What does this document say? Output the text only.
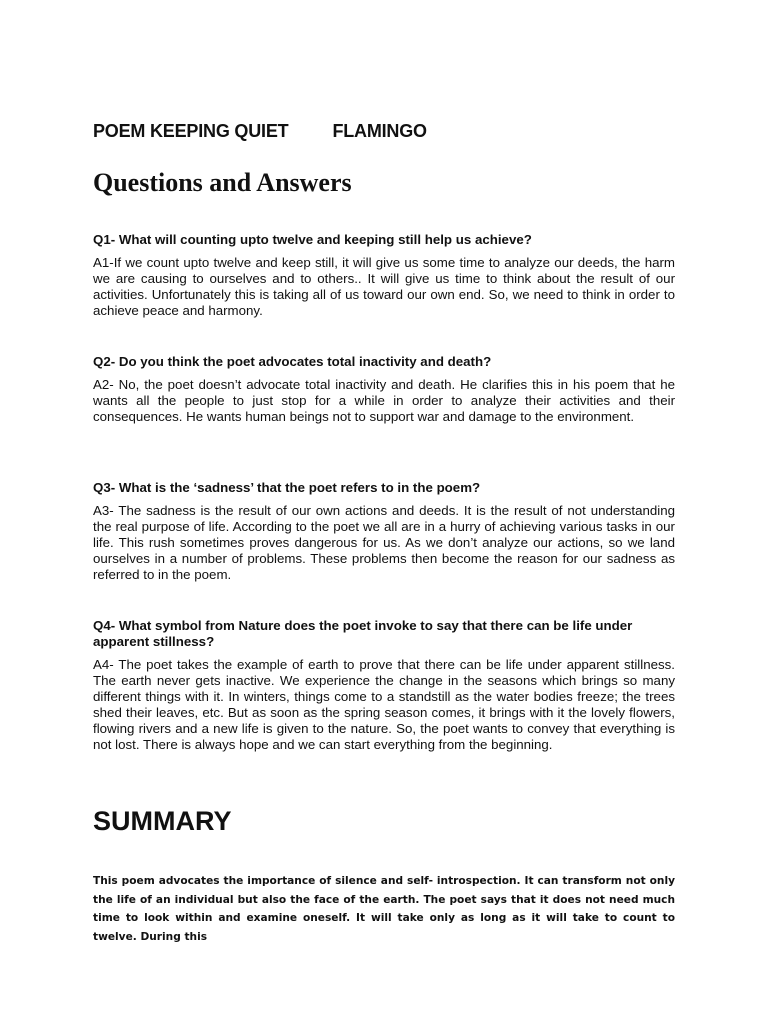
POEM KEEPING QUIET FLAMINGO
Questions and Answers

Q1- What will counting upto twelve and keeping still help us achieve?

A1-If we count upto twelve and keep still, it will give us some time to analyze our deeds, the harm we are causing to ourselves and to others.. It will give us time to think about the result of our activities. Unfortunately this is taking all of us toward our own end. So, we need to think in order to achieve peace and harmony.

Q2- Do you think the poet advocates total inactivity and death?

A2- No, the poet doesn’t advocate total inactivity and death. He clarifies this in his poem that he wants all the people to just stop for a while in order to analyze their activities and their consequences. He wants human beings not to support war and damage to the environment.

Q3- What is the ‘sadness’ that the poet refers to in the poem?

A3- The sadness is the result of our own actions and deeds. It is the result of not understanding the real purpose of life. According to the poet we all are in a hurry of achieving various tasks in our life. This rush sometimes proves dangerous for us. As we don’t analyze our actions, so we land ourselves in a number of problems. These problems then become the reason for our sadness as referred to in the poem.

Q4- What symbol from Nature does the poet invoke to say that there can be life under apparent stillness?

A4- The poet takes the example of earth to prove that there can be life under apparent stillness. The earth never gets inactive. We experience the change in the seasons which brings so many different things with it. In winters, things come to a standstill as the water bodies freeze; the trees shed their leaves, etc. But as soon as the spring season comes, it brings with it the lovely flowers, flowing rivers and a new life is given to the nature. So, the poet wants to convey that everything is not lost. There is always hope and we can start everything from the beginning.

SUMMARY
This poem advocates the importance of silence and self- introspection. It can transform not only the life of an individual but also the face of the earth. The poet says that it does not need much time to look within and examine oneself. It will take only as long as it will take to count to twelve. During this
